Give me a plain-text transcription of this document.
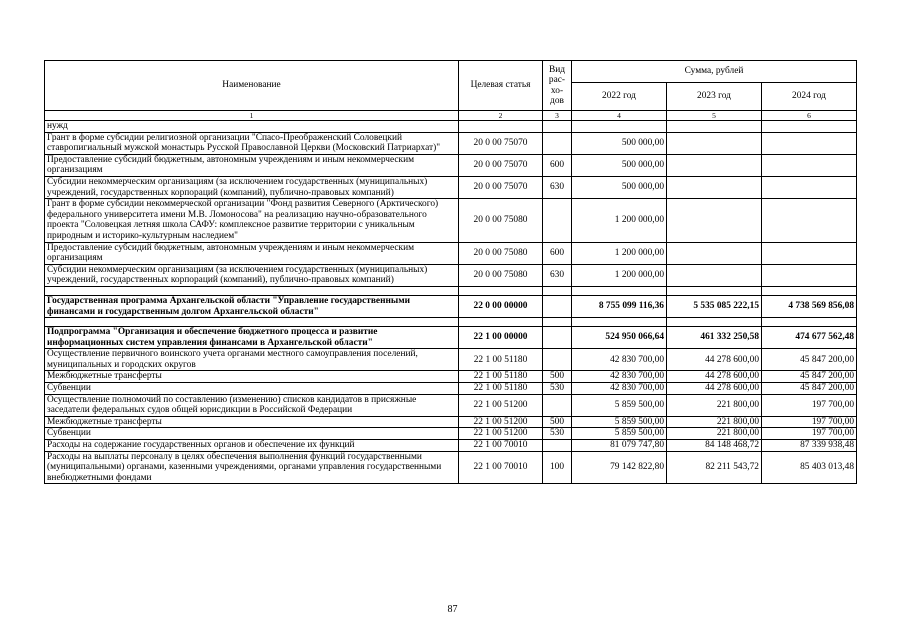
Наименование	Целевая статья	Вид
рас-
хо-
дов	Сумма, рублей		
			2022 год	2023 год	2024 год
1	2	3	4	5	6
нужд					
Грант в форме субсидии религиозной организации "Спасо-Преображенский Соловецкий ставропигиальный мужской монастырь Русской Православной Церкви (Московский Патриархат)"	20 0 00 75070		500 000,00		
Предоставление субсидий бюджетным, автономным учреждениям и иным некоммерческим организациям	20 0 00 75070	600	500 000,00		
Субсидии некоммерческим организациям (за исключением государственных (муниципальных) учреждений, государственных корпораций (компаний), публично-правовых компаний)	20 0 00 75070	630	500 000,00		
Грант в форме субсидии некоммерческой организации "Фонд развития Северного (Арктического) федерального университета имени М.В. Ломоносова" на реализацию научно-образовательного проекта "Соловецкая летняя школа САФУ: комплексное развитие территории с уникальным природным и историко-культурным наследием"	20 0 00 75080		1 200 000,00		
Предоставление субсидий бюджетным, автономным учреждениям и иным некоммерческим организациям	20 0 00 75080	600	1 200 000,00		
Субсидии некоммерческим организациям (за исключением государственных (муниципальных) учреждений, государственных корпораций (компаний), публично-правовых компаний)	20 0 00 75080	630	1 200 000,00		

Государственная программа Архангельской области "Управление государственными финансами и государственным долгом Архангельской области"	22 0 00 00000		8 755 099 116,36	5 535 085 222,15	4 738 569 856,08

Подпрограмма "Организация и обеспечение бюджетного процесса и развитие информационных систем управления финансами в Архангельской области"	22 1 00 00000		524 950 066,64	461 332 250,58	474 677 562,48
Осуществление первичного воинского учета органами местного самоуправления поселений, муниципальных и городских округов	22 1 00 51180		42 830 700,00	44 278 600,00	45 847 200,00
Межбюджетные трансферты	22 1 00 51180	500	42 830 700,00	44 278 600,00	45 847 200,00
Субвенции	22 1 00 51180	530	42 830 700,00	44 278 600,00	45 847 200,00
Осуществление полномочий по составлению (изменению) списков кандидатов в присяжные заседатели федеральных судов общей юрисдикции в Российской Федерации	22 1 00 51200		5 859 500,00	221 800,00	197 700,00
Межбюджетные трансферты	22 1 00 51200	500	5 859 500,00	221 800,00	197 700,00
Субвенции	22 1 00 51200	530	5 859 500,00	221 800,00	197 700,00
Расходы на содержание государственных органов и обеспечение их функций	22 1 00 70010		81 079 747,80	84 148 468,72	87 339 938,48
Расходы на выплаты персоналу в целях обеспечения выполнения функций государственными (муниципальными) органами, казенными учреждениями, органами управления государственными внебюджетными фондами	22 1 00 70010	100	79 142 822,80	82 211 543,72	85 403 013,48
87
